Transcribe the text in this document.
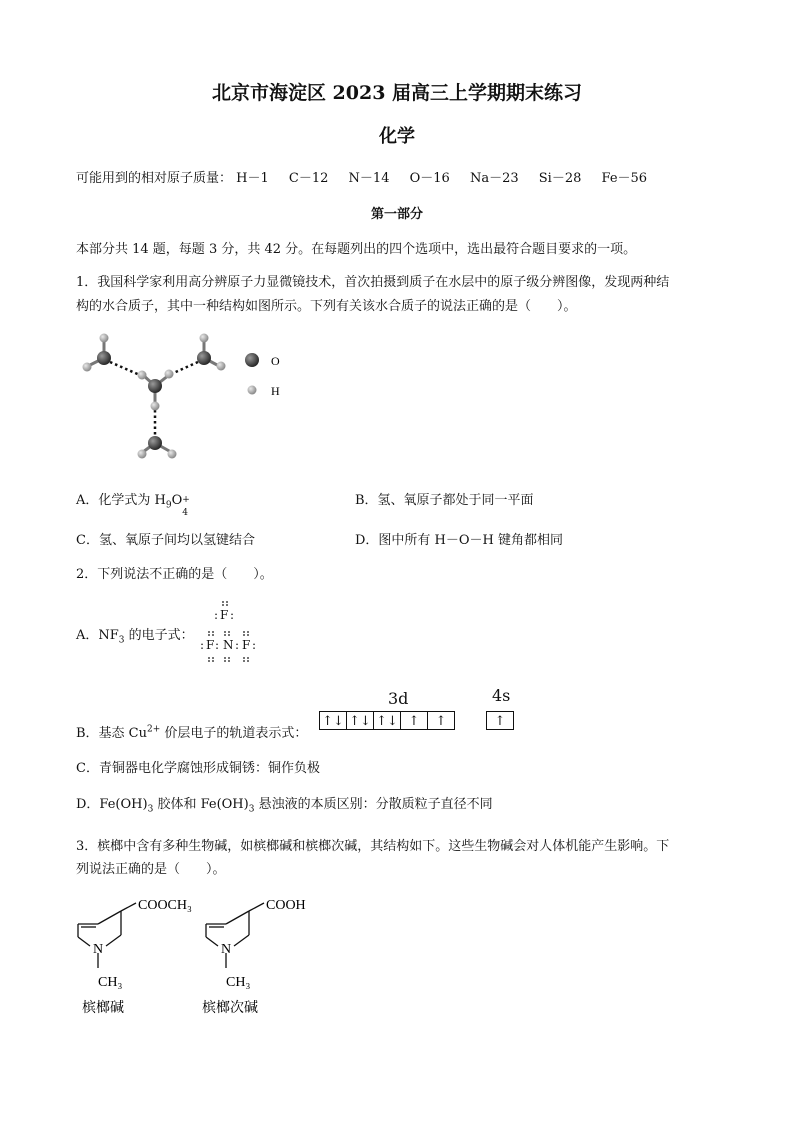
北京市海淀区 2023 届高三上学期期末练习
化学
可能用到的相对原子质量： H－1 C－12 N－14 O－16 Na－23 Si－28 Fe－56
第一部分
本部分共 14 题，每题 3 分，共 42 分。在每题列出的四个选项中，选出最符合题目要求的一项。
1．我国科学家利用高分辨原子力显微镜技术，首次拍摄到质子在水层中的原子级分辨图像，发现两种结
构的水合质子，其中一种结构如图所示。下列有关该水合质子的说法正确的是（　　）。
O
H
A．化学式为 $H_9O$ +
4
B．氢、氧原子都处于同一平面
C．氢、氧原子间均以氢键结合	D．图中所有 H－O－H 键角都相同
2．下列说法不正确的是（　　）。
A．$NF_3$ 的电子式：
F
: :
F
: : N : F :
3d	4s
B．基态 $Cu^{2+}$ 价层电子的轨道表示式：
↑↓ ↑↓ ↑↓ ↑ ↑	↑
C．青铜器电化学腐蚀形成铜锈：铜作负极
D．$Fe(OH)_3$ 胶体和 $Fe(OH)_3$ 悬浊液的本质区别：分散质粒子直径不同
3．槟榔中含有多种生物碱，如槟榔碱和槟榔次碱，其结构如下。这些生物碱会对人体机能产生影响。下
列说法正确的是（　　）。
COOCH₃
N
CH₃
槟榔碱
COOH
N
CH₃
槟榔次碱
